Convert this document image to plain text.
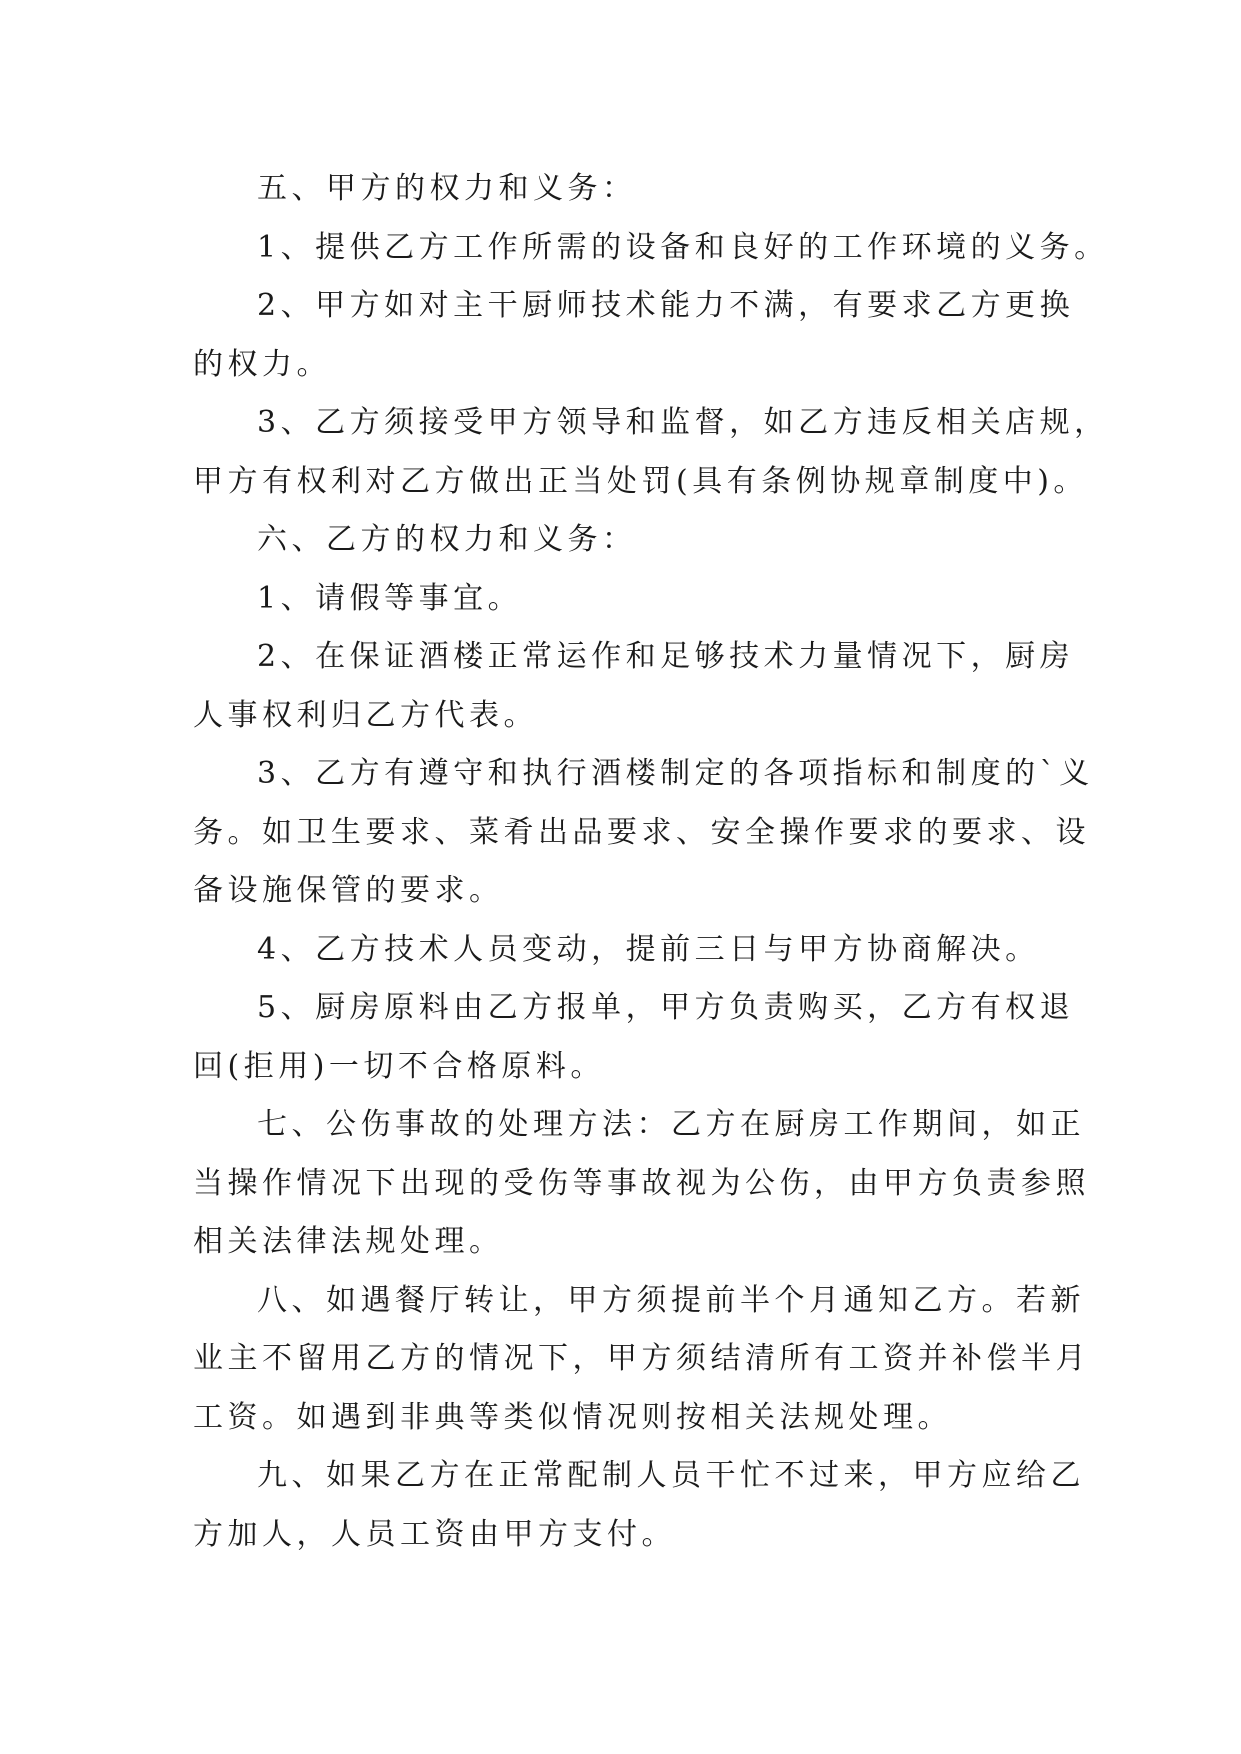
五、甲方的权力和义务：
1、提供乙方工作所需的设备和良好的工作环境的义务。
2、甲方如对主干厨师技术能力不满，有要求乙方更换
的权力。
3、乙方须接受甲方领导和监督，如乙方违反相关店规，
甲方有权利对乙方做出正当处罚(具有条例协规章制度中)。
六、乙方的权力和义务：
1、请假等事宜。
2、在保证酒楼正常运作和足够技术力量情况下，厨房
人事权利归乙方代表。
3、乙方有遵守和执行酒楼制定的各项指标和制度的`义
务。如卫生要求、菜肴出品要求、安全操作要求的要求、设
备设施保管的要求。
4、乙方技术人员变动，提前三日与甲方协商解决。
5、厨房原料由乙方报单，甲方负责购买，乙方有权退
回(拒用)一切不合格原料。
七、公伤事故的处理方法：乙方在厨房工作期间，如正
当操作情况下出现的受伤等事故视为公伤，由甲方负责参照
相关法律法规处理。
八、如遇餐厅转让，甲方须提前半个月通知乙方。若新
业主不留用乙方的情况下，甲方须结清所有工资并补偿半月
工资。如遇到非典等类似情况则按相关法规处理。
九、如果乙方在正常配制人员干忙不过来，甲方应给乙
方加人，人员工资由甲方支付。
